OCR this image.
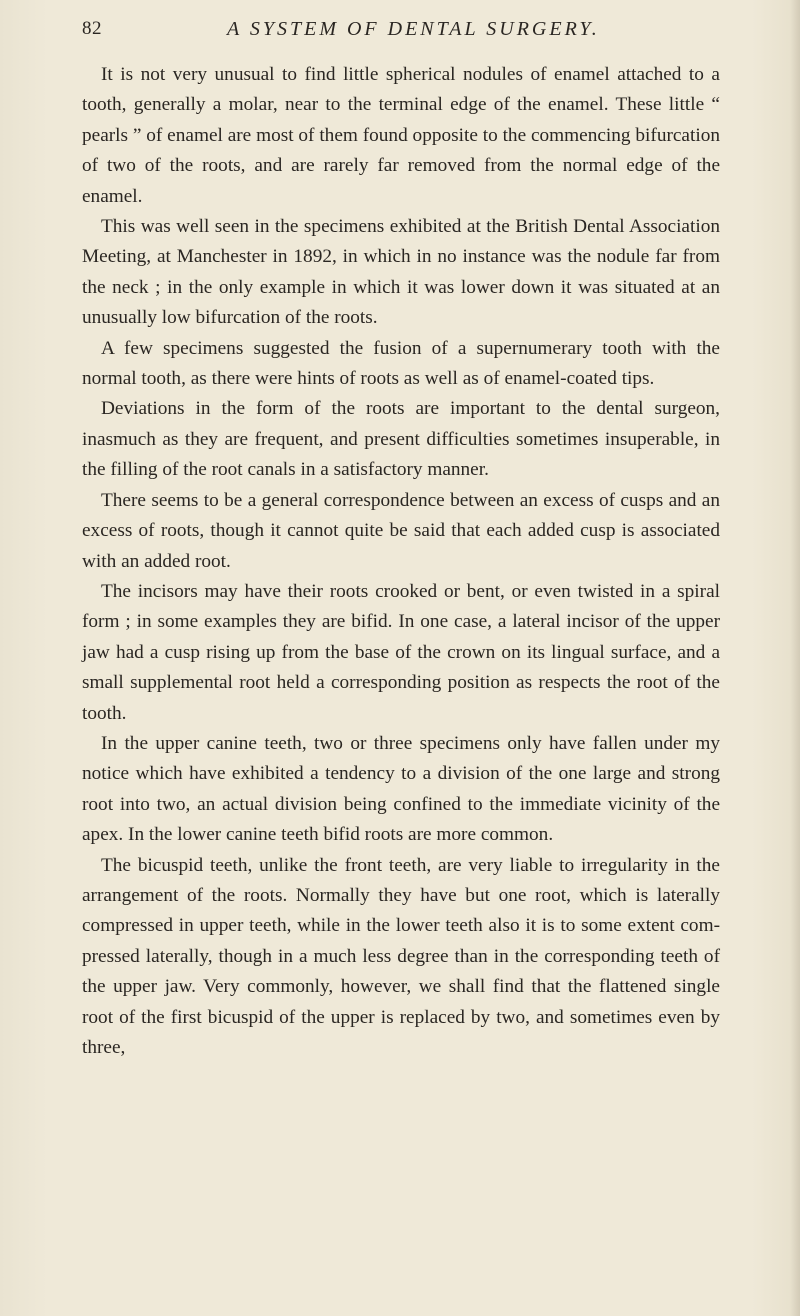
82	A SYSTEM OF DENTAL SURGERY.

It is not very unusual to find little spherical nodules of enamel attached to a tooth, generally a molar, near to the terminal edge of the enamel. These little “ pearls ” of enamel are most of them found opposite to the commencing bifurcation of two of the roots, and are rarely far removed from the normal edge of the enamel.

This was well seen in the specimens exhibited at the British Dental Association Meeting, at Manchester in 1892, in which in no instance was the nodule far from the neck ; in the only example in which it was lower down it was situated at an unusually low bifurcation of the roots.

A few specimens suggested the fusion of a supernumerary tooth with the normal tooth, as there were hints of roots as well as of enamel-coated tips.

Deviations in the form of the roots are important to the dental surgeon, inasmuch as they are frequent, and present difficulties sometimes insuperable, in the filling of the root canals in a satisfactory manner.

There seems to be a general correspondence between an excess of cusps and an excess of roots, though it cannot quite be said that each added cusp is associated with an added root.

The incisors may have their roots crooked or bent, or even twisted in a spiral form ; in some examples they are bifid. In one case, a lateral incisor of the upper jaw had a cusp rising up from the base of the crown on its lingual surface, and a small supplemental root held a corresponding position as respects the root of the tooth.

In the upper canine teeth, two or three specimens only have fallen under my notice which have exhibited a tendency to a division of the one large and strong root into two, an actual division being confined to the immediate vicinity of the apex. In the lower canine teeth bifid roots are more common.

The bicuspid teeth, unlike the front teeth, are very liable to irregularity in the arrangement of the roots. Normally they have but one root, which is laterally compressed in upper teeth, while in the lower teeth also it is to some extent compressed laterally, though in a much less degree than in the corresponding teeth of the upper jaw. Very commonly, however, we shall find that the flattened single root of the first bicuspid of the upper is replaced by two, and sometimes even by three,
